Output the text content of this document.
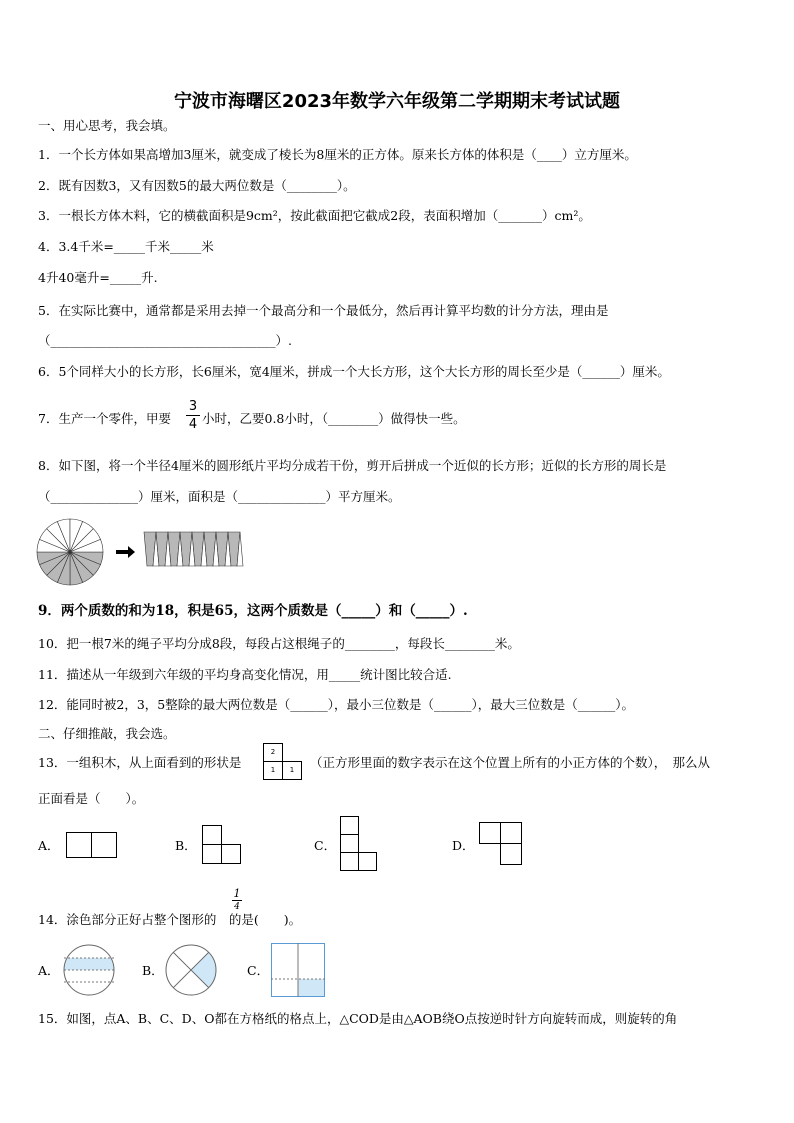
宁波市海曙区2023年数学六年级第二学期期末考试试题
一、用心思考，我会填。
1．一个长方体如果高增加3厘米，就变成了棱长为8厘米的正方体。原来长方体的体积是（____）立方厘米。
2．既有因数3，又有因数5的最大两位数是（________）。
3．一根长方体木料，它的横截面积是9cm²，按此截面把它截成2段，表面积增加（_______）cm²。
4．3.4千米=_____千米_____米
4升40毫升=_____升.
5．在实际比赛中，通常都是采用去掉一个最高分和一个最低分，然后再计算平均数的计分方法，理由是
（____________________________________）.
6．5个同样大小的长方形，长6厘米，宽4厘米，拼成一个大长方形，这个大长方形的周长至少是（______）厘米。
7．生产一个零件，甲要 $\frac{3}{4}$ 小时，乙要0.8小时，（________）做得快一些。
8．如下图，将一个半径4厘米的圆形纸片平均分成若干份，剪开后拼成一个近似的长方形；近似的长方形的周长是
（______________）厘米，面积是（______________）平方厘米。
9．两个质数的和为18，积是65，这两个质数是（_____）和（_____）.
10．把一根7米的绳子平均分成8段，每段占这根绳子的________，每段长________米。
11．描述从一年级到六年级的平均身高变化情况，用_____统计图比较合适.
12．能同时被2，3，5整除的最大两位数是（______），最小三位数是（______），最大三位数是（______）。
二、仔细推敲，我会选。
13．一组积木，从上面看到的形状是
2
1	1	（正方形里面的数字表示在这个位置上所有的小正方体的个数），　那么从
正面看是（　　）。
A．	B．	C．	D．
1
4
14．涂色部分正好占整个图形的　的是(　　)。
A．	B．	C．
15．如图，点A、B、C、D、O都在方格纸的格点上，△COD是由△AOB绕O点按逆时针方向旋转而成，则旋转的角
